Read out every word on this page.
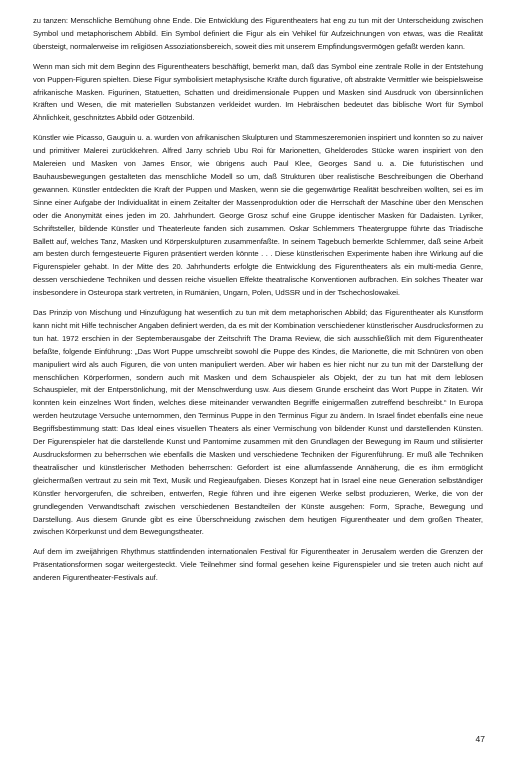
zu tanzen: Menschliche Bemühung ohne Ende. Die Entwicklung des Figurentheaters hat eng zu tun mit der Unterscheidung zwischen Symbol und metaphorischem Abbild. Ein Symbol definiert die Figur als ein Vehikel für Aufzeichnungen von etwas, was die Realität übersteigt, normalerweise im religiösen Assoziationsbereich, soweit dies mit unserem Empfindungsvermögen gefaßt werden kann.

Wenn man sich mit dem Beginn des Figurentheaters beschäftigt, bemerkt man, daß das Symbol eine zentrale Rolle in der Entstehung von Puppen-Figuren spielten. Diese Figur symbolisiert metaphysische Kräfte durch figurative, oft abstrakte Vermittler wie beispielsweise afrikanische Masken. Figurinen, Statuetten, Schatten und dreidimensionale Puppen und Masken sind Ausdruck von übersinnlichen Kräften und Wesen, die mit materiellen Substanzen verkleidet wurden. Im Hebräischen bedeutet das biblische Wort für Symbol Ähnlichkeit, geschnitztes Abbild oder Götzenbild.

Künstler wie Picasso, Gauguin u. a. wurden von afrikanischen Skulpturen und Stammeszeremonien inspiriert und konnten so zu naiver und primitiver Malerei zurückkehren. Alfred Jarry schrieb Ubu Roi für Marionetten, Ghelderodes Stücke waren inspiriert von den Malereien und Masken von James Ensor, wie übrigens auch Paul Klee, Georges Sand u. a. Die futuristischen und Bauhausbewegungen gestalteten das menschliche Modell so um, daß Strukturen über realistische Beschreibungen die Oberhand gewannen. Künstler entdeckten die Kraft der Puppen und Masken, wenn sie die gegenwärtige Realität beschreiben wollten, sei es im Sinne einer Aufgabe der Individualität in einem Zeitalter der Massenproduktion oder die Herrschaft der Maschine über den Menschen oder die Anonymität eines jeden im 20. Jahrhundert. George Grosz schuf eine Gruppe identischer Masken für Dadaisten. Lyriker, Schriftsteller, bildende Künstler und Theaterleute fanden sich zusammen. Oskar Schlemmers Theatergruppe führte das Triadische Ballett auf, welches Tanz, Masken und Körperskulpturen zusammenfaßte. In seinem Tagebuch bemerkte Schlemmer, daß seine Arbeit am besten durch ferngesteuerte Figuren präsentiert werden könnte . . . Diese künstlerischen Experimente haben ihre Wirkung auf die Figurenspieler gehabt. In der Mitte des 20. Jahrhunderts erfolgte die Entwicklung des Figurentheaters als ein multi-media Genre, dessen verschiedene Techniken und dessen reiche visuellen Effekte theatralische Konventionen aufbrachen. Ein solches Theater war insbesondere in Osteuropa stark vertreten, in Rumänien, Ungarn, Polen, UdSSR und in der Tschechoslowakei.

Das Prinzip von Mischung und Hinzufügung hat wesentlich zu tun mit dem metaphorischen Abbild; das Figurentheater als Kunstform kann nicht mit Hilfe technischer Angaben definiert werden, da es mit der Kombination verschiedener künstlerischer Ausdrucksformen zu tun hat. 1972 erschien in der Septemberausgabe der Zeitschrift The Drama Review, die sich ausschließlich mit dem Figurentheater befaßte, folgende Einführung: „Das Wort Puppe umschreibt sowohl die Puppe des Kindes, die Marionette, die mit Schnüren von oben manipuliert wird als auch Figuren, die von unten manipuliert werden. Aber wir haben es hier nicht nur zu tun mit der Darstellung der menschlichen Körperformen, sondern auch mit Masken und dem Schauspieler als Objekt, der zu tun hat mit dem leblosen Schauspieler, mit der Entpersönlichung, mit der Menschwerdung usw. Aus diesem Grunde erscheint das Wort Puppe in Zitaten. Wir konnten kein einzelnes Wort finden, welches diese miteinander verwandten Begriffe einigermaßen zutreffend beschreibt.“ In Europa werden heutzutage Versuche unternommen, den Terminus Puppe in den Terminus Figur zu ändern. In Israel findet ebenfalls eine neue Begriffsbestimmung statt: Das Ideal eines visuellen Theaters als einer Vermischung von bildender Kunst und darstellenden Künsten. Der Figurenspieler hat die darstellende Kunst und Pantomime zusammen mit den Grundlagen der Bewegung im Raum und stilisierter Ausdrucksformen zu beherrschen wie ebenfalls die Masken und verschiedene Techniken der Figurenführung. Er muß alle Techniken theatralischer und künstlerischer Methoden beherrschen: Gefordert ist eine allumfassende Annäherung, die es ihm ermöglicht gleichermaßen vertraut zu sein mit Text, Musik und Regieaufgaben. Dieses Konzept hat in Israel eine neue Generation selbständiger Künstler hervorgerufen, die schreiben, entwerfen, Regie führen und ihre eigenen Werke selbst produzieren, Werke, die von der grundlegenden Verwandtschaft zwischen verschiedenen Bestandteilen der Künste ausgehen: Form, Sprache, Bewegung und Darstellung. Aus diesem Grunde gibt es eine Überschneidung zwischen dem heutigen Figurentheater und dem großen Theater, zwischen Körperkunst und dem Bewegungstheater.

Auf dem im zweijährigen Rhythmus stattfindenden internationalen Festival für Figurentheater in Jerusalem werden die Grenzen der Präsentationsformen sogar weitergesteckt. Viele Teilnehmer sind formal gesehen keine Figurenspieler und sie treten auch nicht auf anderen Figurentheater-Festivals auf.

47
